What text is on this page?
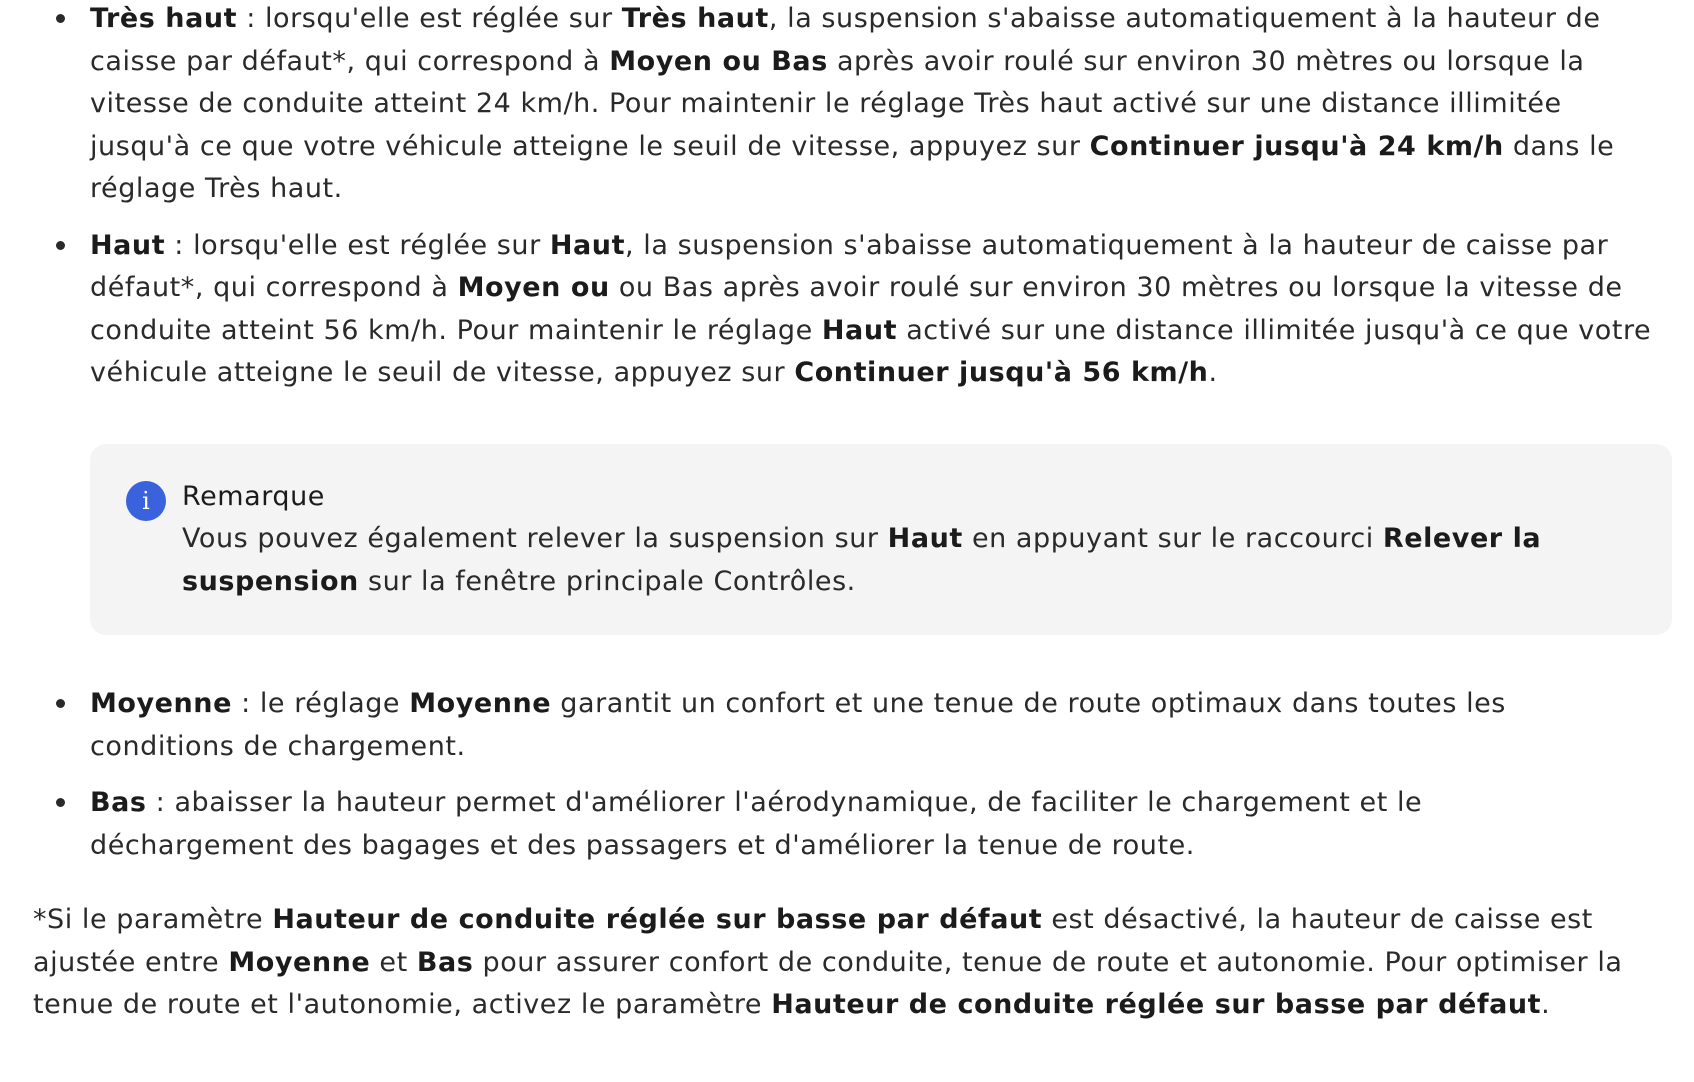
Très haut : lorsqu'elle est réglée sur Très haut, la suspension s'abaisse automatiquement à la hauteur de caisse par défaut*, qui correspond à Moyen ou Bas après avoir roulé sur environ 30 mètres ou lorsque la vitesse de conduite atteint 24 km/h. Pour maintenir le réglage Très haut activé sur une distance illimitée jusqu'à ce que votre véhicule atteigne le seuil de vitesse, appuyez sur Continuer jusqu'à 24 km/h dans le réglage Très haut.
Haut : lorsqu'elle est réglée sur Haut, la suspension s'abaisse automatiquement à la hauteur de caisse par défaut*, qui correspond à Moyen ou ou Bas après avoir roulé sur environ 30 mètres ou lorsque la vitesse de conduite atteint 56 km/h. Pour maintenir le réglage Haut activé sur une distance illimitée jusqu'à ce que votre véhicule atteigne le seuil de vitesse, appuyez sur Continuer jusqu'à 56 km/h.
i	Remarque
Vous pouvez également relever la suspension sur Haut en appuyant sur le raccourci Relever la suspension sur la fenêtre principale Contrôles.
Moyenne : le réglage Moyenne garantit un confort et une tenue de route optimaux dans toutes les conditions de chargement.
Bas : abaisser la hauteur permet d'améliorer l'aérodynamique, de faciliter le chargement et le déchargement des bagages et des passagers et d'améliorer la tenue de route.

*Si le paramètre Hauteur de conduite réglée sur basse par défaut est désactivé, la hauteur de caisse est ajustée entre Moyenne et Bas pour assurer confort de conduite, tenue de route et autonomie. Pour optimiser la tenue de route et l'autonomie, activez le paramètre Hauteur de conduite réglée sur basse par défaut.
